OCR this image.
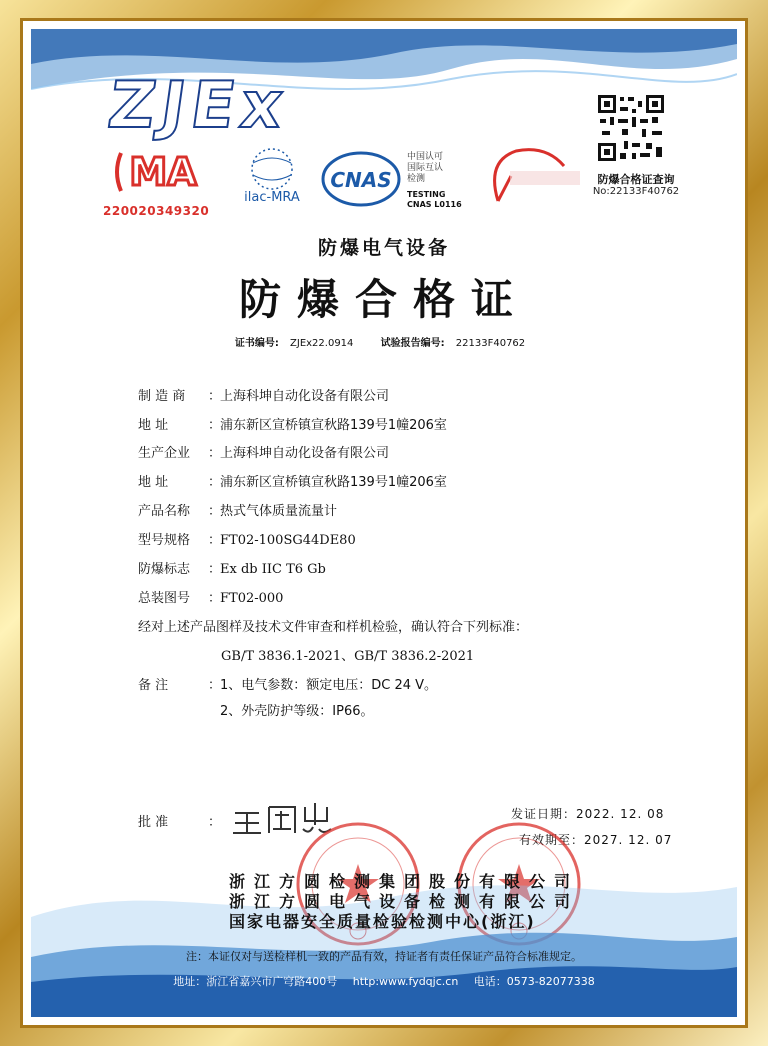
ZJEx
MA
220020349320
ilac-MRA
CNAS
中国认可
国际互认
检测
TESTING
CNAS L0116
防爆合格证查询
No:22133F40762
防爆电气设备
防爆合格证
证书编号: ZJEx22.0914	试验报告编号: 22133F40762
制 造 商 ：上海科坤自动化设备有限公司
地 址	：浦东新区宣桥镇宣秋路139号1幢206室
生产企业 ：上海科坤自动化设备有限公司
地 址	：浦东新区宣桥镇宣秋路139号1幢206室
产品名称 ：热式气体质量流量计
型号规格 ：FT02-100SG44DE80
防爆标志 ：Ex db IIC T6 Gb
总装图号 ：FT02-000
经对上述产品图样及技术文件审查和样机检验，确认符合下列标准：
GB/T 3836.1-2021、GB/T 3836.2-2021
备 注	：1、电气参数：额定电压：DC 24 V。
2、外壳防护等级：IP66。
批 准	：
发证日期：2022. 12. 08
有效期至：2027. 12. 07
浙江方圆检测集团股份有限公司
浙江方圆电气设备检测有限公司
国家电器安全质量检验检测中心(浙江)
注：本证仅对与送检样机一致的产品有效，持证者有责任保证产品符合标准规定。
地址：浙江省嘉兴市广穹路400号 http:www.fydqjc.cn 电话：0573-82077338
